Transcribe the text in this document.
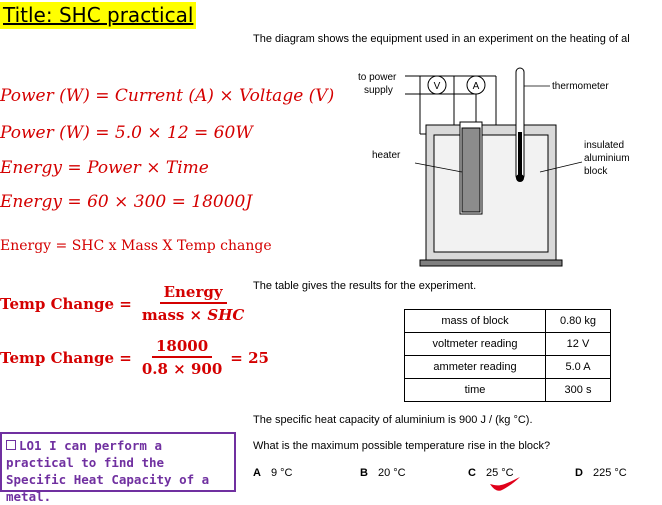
Title: SHC practical
Power (W) = Current (A) × Voltage (V)
Power (W) = 5.0 × 12 = 60W
Energy = Power × Time
Energy = 60 × 300 = 18000J
Energy = SHC x Mass X Temp change
Temp Change = $\frac{\text{Energy}}{\text{mass × SHC}}$
Temp Change = $\frac{18000}{0.8 \times 900} = 25$
LO1 I can perform a practical to find the Specific Heat Capacity of a metal.
The diagram shows the equipment used in an experiment on the heating of al
V	A
to power
supply	thermometer
heater
insulated
aluminium
block
The table gives the results for the experiment.
mass of block	0.80 kg
voltmeter reading	12 V
ammeter reading	5.0 A
time	300 s
The specific heat capacity of aluminium is 900 J / (kg °C).
What is the maximum possible temperature rise in the block?
A 9 °C	B 20 °C	C 25 °C	D 225 °C
